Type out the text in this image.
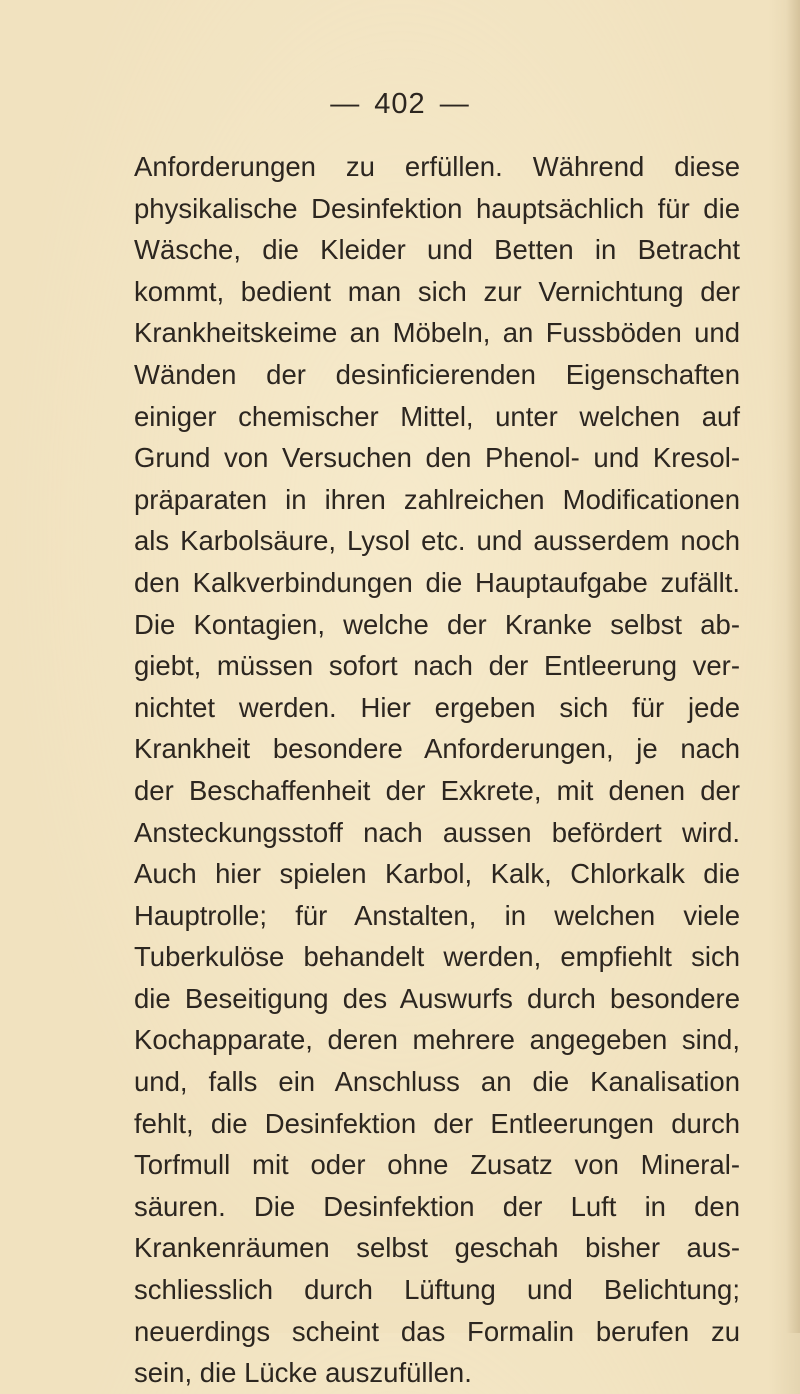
— 402 —
Anforderungen zu erfüllen. Während diese
physikalische Desinfektion hauptsächlich für die
Wäsche, die Kleider und Betten in Betracht
kommt, bedient man sich zur Vernichtung der
Krankheitskeime an Möbeln, an Fussböden und
Wänden der desinficierenden Eigenschaften
einiger chemischer Mittel, unter welchen auf
Grund von Versuchen den Phenol- und Kresol-
präparaten in ihren zahlreichen Modificationen
als Karbolsäure, Lysol etc. und ausserdem noch
den Kalkverbindungen die Hauptaufgabe zufällt.
Die Kontagien, welche der Kranke selbst ab-
giebt, müssen sofort nach der Entleerung ver-
nichtet werden. Hier ergeben sich für jede
Krankheit besondere Anforderungen, je nach
der Beschaffenheit der Exkrete, mit denen der
Ansteckungsstoff nach aussen befördert wird.
Auch hier spielen Karbol, Kalk, Chlorkalk die
Hauptrolle; für Anstalten, in welchen viele
Tuberkulöse behandelt werden, empfiehlt sich
die Beseitigung des Auswurfs durch besondere
Kochapparate, deren mehrere angegeben sind,
und, falls ein Anschluss an die Kanalisation
fehlt, die Desinfektion der Entleerungen durch
Torfmull mit oder ohne Zusatz von Mineral-
säuren. Die Desinfektion der Luft in den
Krankenräumen selbst geschah bisher aus-
schliesslich durch Lüftung und Belichtung;
neuerdings scheint das Formalin berufen zu
sein, die Lücke auszufüllen.
